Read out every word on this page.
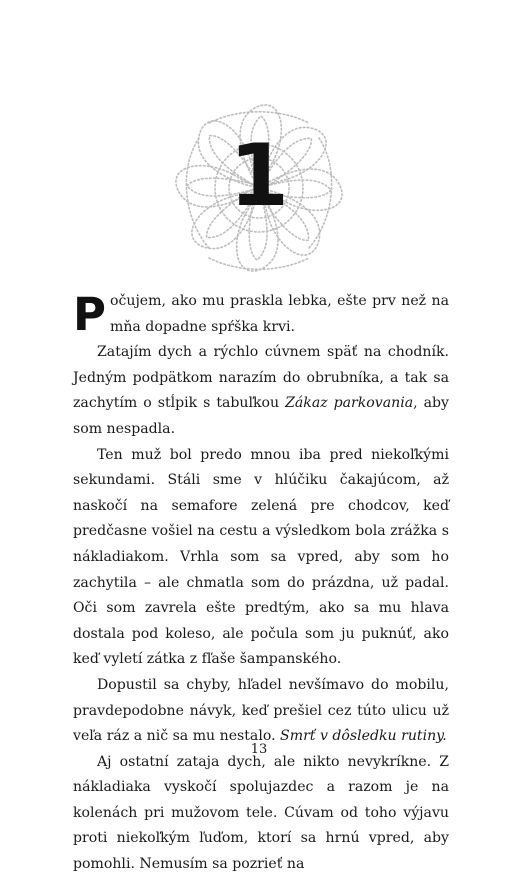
1

Počujem, ako mu praskla lebka, ešte prv než na mňa dopadne spŕška krvi.

Zatajím dych a rýchlo cúvnem späť na chodník. Jedným podpätkom narazím do obrubníka, a tak sa zachytím o stĺpik s tabuľkou Zákaz parkovania, aby som nespadla.

Ten muž bol predo mnou iba pred niekoľkými sekundami. Stáli sme v hlúčiku čakajúcom, až naskočí na semafore zelená pre chodcov, keď predčasne vošiel na cestu a výsledkom bola zrážka s nákladiakom. Vrhla som sa vpred, aby som ho zachytila – ale chmatla som do prázdna, už padal. Oči som zavrela ešte predtým, ako sa mu hlava dostala pod koleso, ale počula som ju puknúť, ako keď vyletí zátka z fľaše šampanského.

Dopustil sa chyby, hľadel nevšímavo do mobilu, pravdepodobne návyk, keď prešiel cez túto ulicu už veľa ráz a nič sa mu nestalo. Smrť v dôsledku rutiny.

Aj ostatní zataja dych, ale nikto nevykríkne. Z nákladiaka vyskočí spolujazdec a razom je na kolenách pri mužovom tele. Cúvam od toho výjavu proti niekoľkým ľuďom, ktorí sa hrnú vpred, aby pomohli. Nemusím sa pozrieť na

13
